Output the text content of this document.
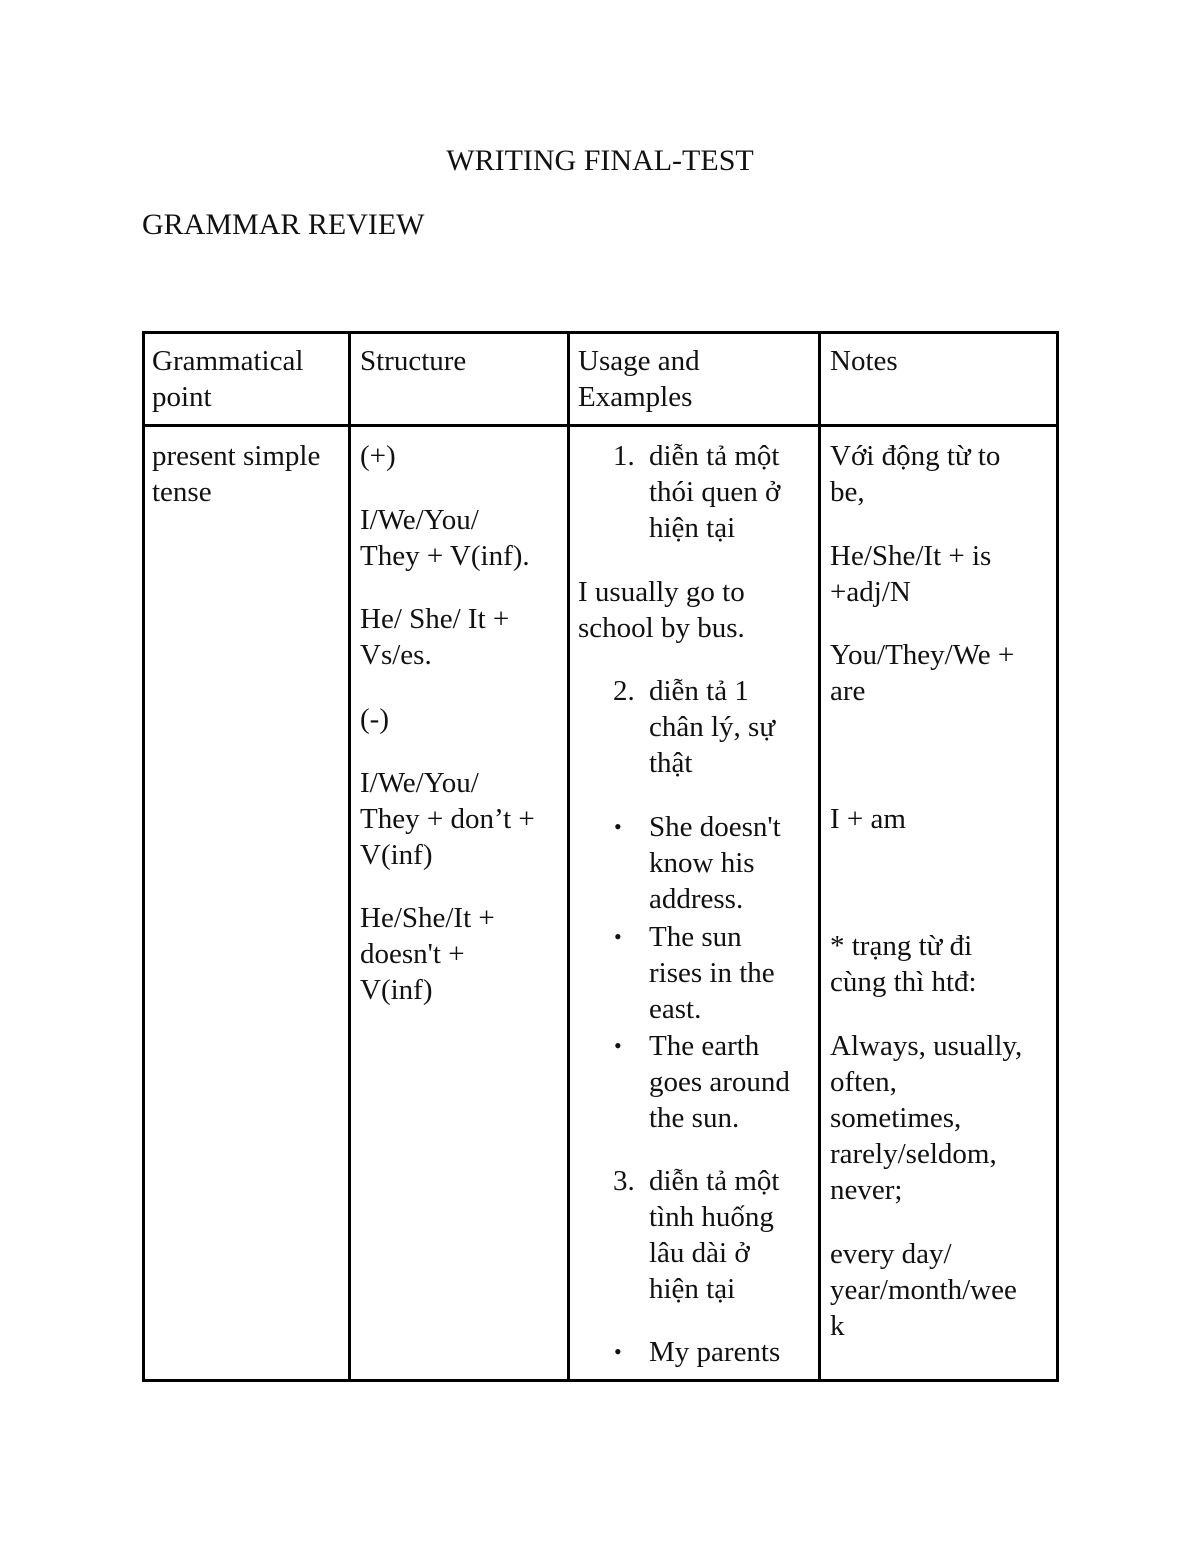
WRITING FINAL-TEST
GRAMMAR REVIEW
Grammatical
point
Structure	Usage and
Examples
Notes
present simple
tense
(+)
I/We/You/
They + V(inf).
He/ She/ It +
Vs/es.
(-)
I/We/You/
They + don’t +
V(inf)
He/She/It +
doesn't +
V(inf)
1. diễn tả một
thói quen ở
hiện tại
I usually go to
school by bus.
2. diễn tả 1
chân lý, sự
thật
• She doesn't
know his
address.
• The sun
rises in the
east.
• The earth
goes around
the sun.
3. diễn tả một
tình huống
lâu dài ở
hiện tại
• My parents
Với động từ to
be,
He/She/It + is
+adj/N
You/They/We +
are
I + am
* trạng từ đi
cùng thì htđ:
Always, usually,
often,
sometimes,
rarely/seldom,
never;
every day/
year/month/wee
k
